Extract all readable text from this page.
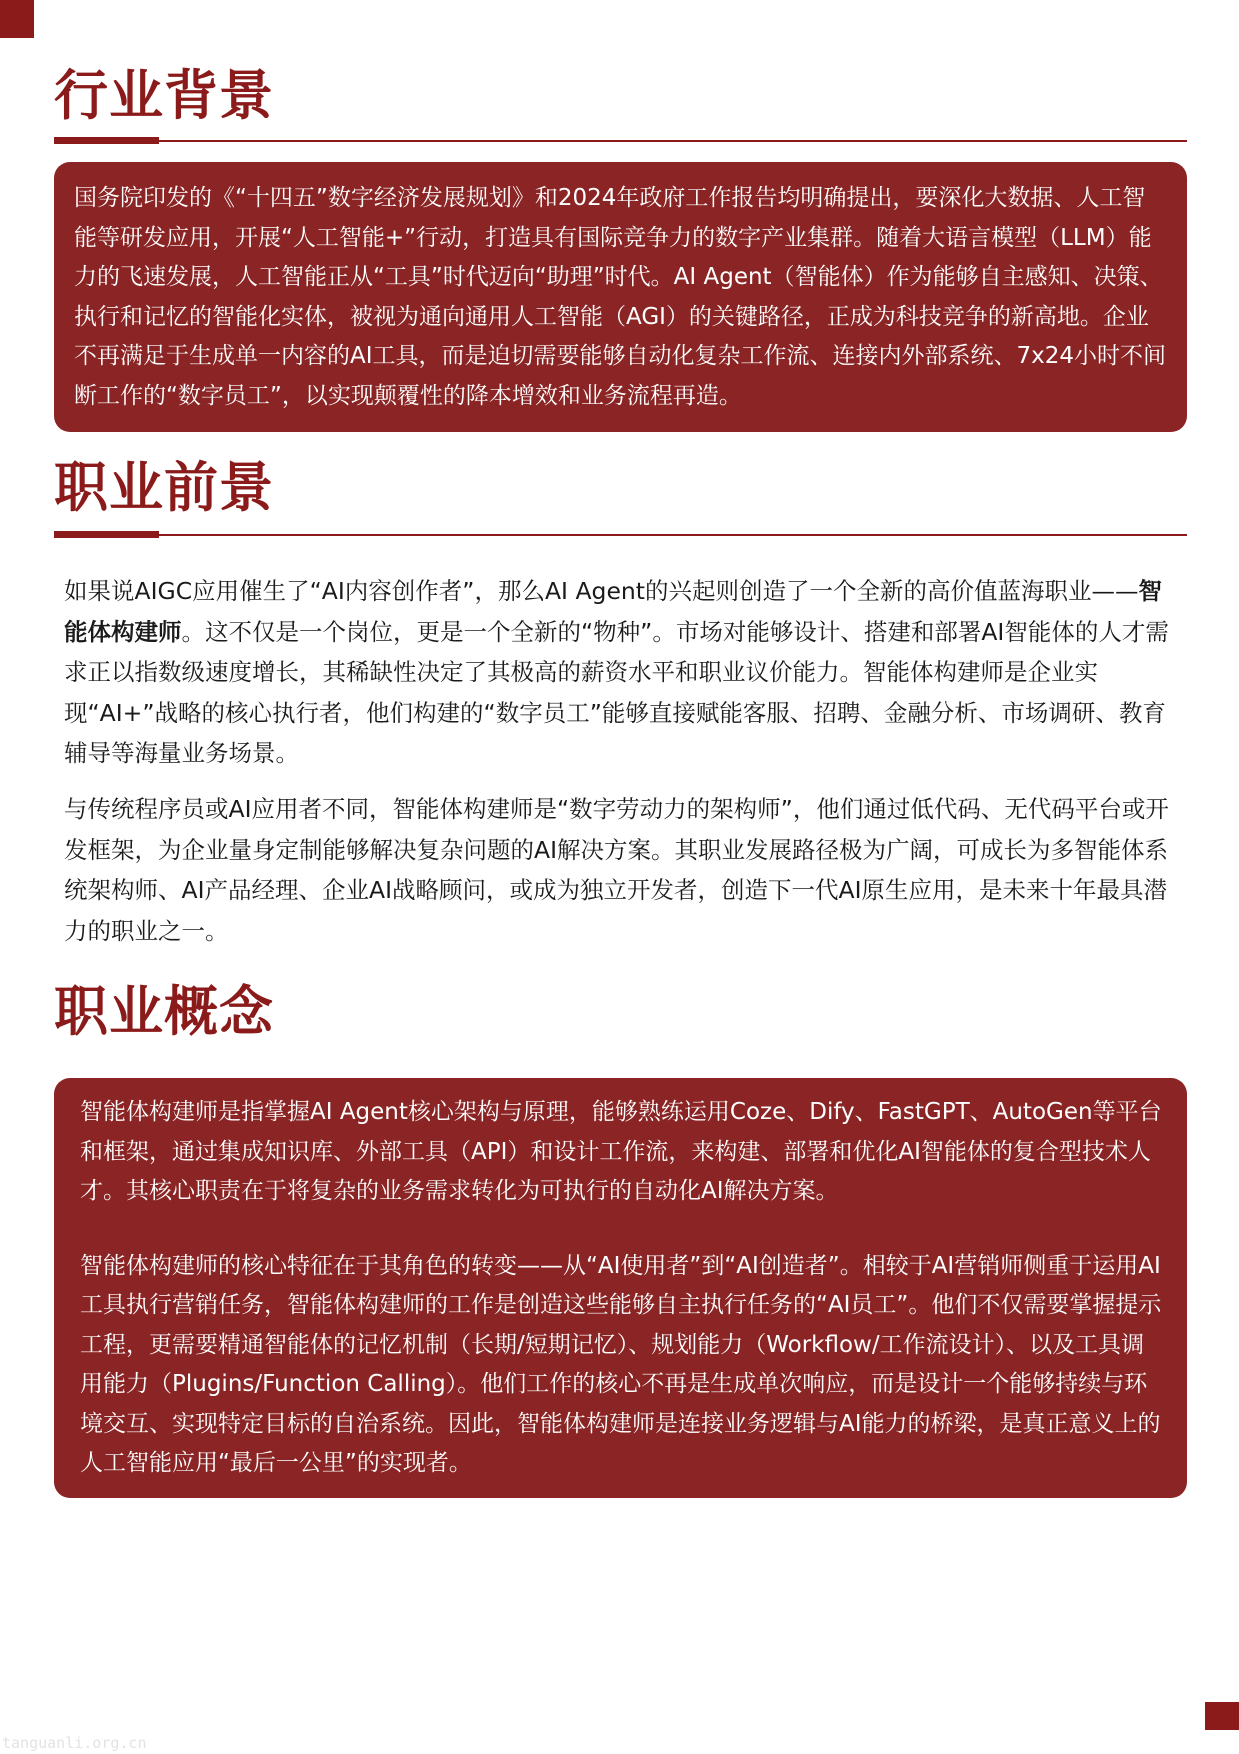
行业背景

国务院印发的《“十四五”数字经济发展规划》和2024年政府工作报告均明确提出，要深化大数据、人工智能等研发应用，开展“人工智能+”行动，打造具有国际竞争力的数字产业集群。随着大语言模型（LLM）能力的飞速发展，人工智能正从“工具”时代迈向“助理”时代。AI Agent（智能体）作为能够自主感知、决策、执行和记忆的智能化实体，被视为通向通用人工智能（AGI）的关键路径，正成为科技竞争的新高地。企业不再满足于生成单一内容的AI工具，而是迫切需要能够自动化复杂工作流、连接内外部系统、7x24小时不间断工作的“数字员工”，以实现颠覆性的降本增效和业务流程再造。

职业前景

如果说AIGC应用催生了“AI内容创作者”，那么AI Agent的兴起则创造了一个全新的高价值蓝海职业——智能体构建师。这不仅是一个岗位，更是一个全新的“物种”。市场对能够设计、搭建和部署AI智能体的人才需求正以指数级速度增长，其稀缺性决定了其极高的薪资水平和职业议价能力。智能体构建师是企业实现“AI+”战略的核心执行者，他们构建的“数字员工”能够直接赋能客服、招聘、金融分析、市场调研、教育辅导等海量业务场景。

与传统程序员或AI应用者不同，智能体构建师是“数字劳动力的架构师”，他们通过低代码、无代码平台或开发框架，为企业量身定制能够解决复杂问题的AI解决方案。其职业发展路径极为广阔，可成长为多智能体系统架构师、AI产品经理、企业AI战略顾问，或成为独立开发者，创造下一代AI原生应用，是未来十年最具潜力的职业之一。

职业概念

智能体构建师是指掌握AI Agent核心架构与原理，能够熟练运用Coze、Dify、FastGPT、AutoGen等平台和框架，通过集成知识库、外部工具（API）和设计工作流，来构建、部署和优化AI智能体的复合型技术人才。其核心职责在于将复杂的业务需求转化为可执行的自动化AI解决方案。

智能体构建师的核心特征在于其角色的转变——从“AI使用者”到“AI创造者”。相较于AI营销师侧重于运用AI工具执行营销任务，智能体构建师的工作是创造这些能够自主执行任务的“AI员工”。他们不仅需要掌握提示工程，更需要精通智能体的记忆机制（长期/短期记忆）、规划能力（Workflow/工作流设计）、以及工具调用能力（Plugins/Function Calling）。他们工作的核心不再是生成单次响应，而是设计一个能够持续与环境交互、实现特定目标的自治系统。因此，智能体构建师是连接业务逻辑与AI能力的桥梁，是真正意义上的人工智能应用“最后一公里”的实现者。

tanguanli.org.cn
